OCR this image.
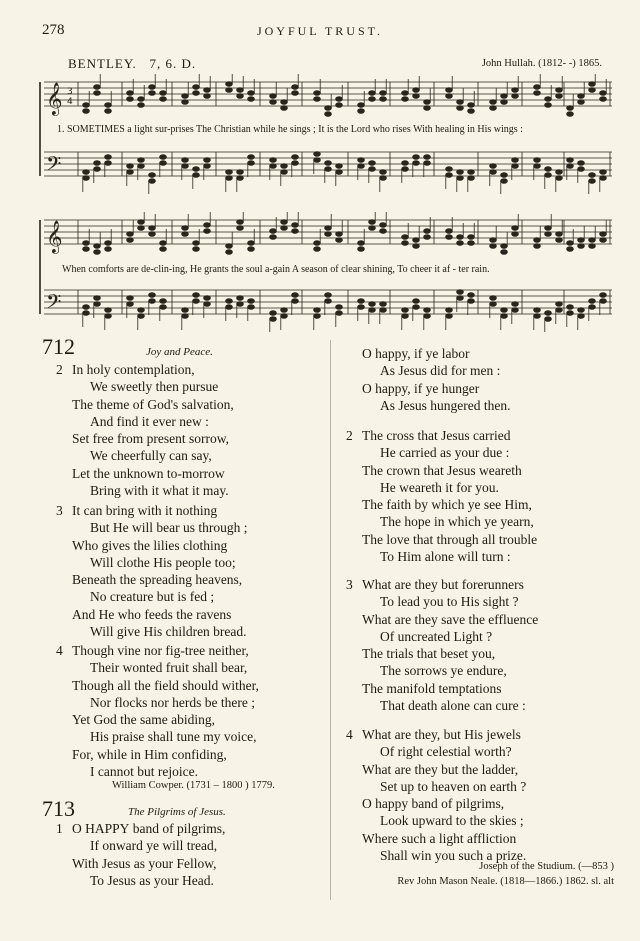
278	JOYFUL TRUST.
BENTLEY. 7, 6. D.	John Hullah. (1812- -) 1865.
𝄞
𝄢
3
4
1. SOMETIMES a light sur-prises The Christian while he sings ; It is the Lord who rises With healing in His wings :
𝄞
𝄢
When comforts are de-clin-ing, He grants the soul a-gain A season of clear shining, To cheer it af - ter rain.
712	Joy and Peace.
2 In holy contemplation,
We sweetly then pursue
The theme of God's salvation,
And find it ever new :
Set free from present sorrow,
We cheerfully can say,
Let the unknown to-morrow
Bring with it what it may.
3 It can bring with it nothing
But He will bear us through ;
Who gives the lilies clothing
Will clothe His people too;
Beneath the spreading heavens,
No creature but is fed ;
And He who feeds the ravens
Will give His children bread.
4 Though vine nor fig-tree neither,
Their wonted fruit shall bear,
Though all the field should wither,
Nor flocks nor herds be there ;
Yet God the same abiding,
His praise shall tune my voice,
For, while in Him confiding,
I cannot but rejoice.
William Cowper. (1731 – 1800 ) 1779.
713	The Pilgrims of Jesus.
1 O HAPPY band of pilgrims,
If onward ye will tread,
With Jesus as your Fellow,
To Jesus as your Head.
O happy, if ye labor
As Jesus did for men :
O happy, if ye hunger
As Jesus hungered then.
2 The cross that Jesus carried
He carried as your due :
The crown that Jesus weareth
He weareth it for you.
The faith by which ye see Him,
The hope in which ye yearn,
The love that through all trouble
To Him alone will turn :
3 What are they but forerunners
To lead you to His sight ?
What are they save the effluence
Of uncreated Light ?
The trials that beset you,
The sorrows ye endure,
The manifold temptations
That death alone can cure :
4 What are they, but His jewels
Of right celestial worth?
What are they but the ladder,
Set up to heaven on earth ?
O happy band of pilgrims,
Look upward to the skies ;
Where such a light affliction
Shall win you such a prize.
Joseph of the Studium. (—853 )
Rev John Mason Neale. (1818—1866.) 1862. sl. alt
